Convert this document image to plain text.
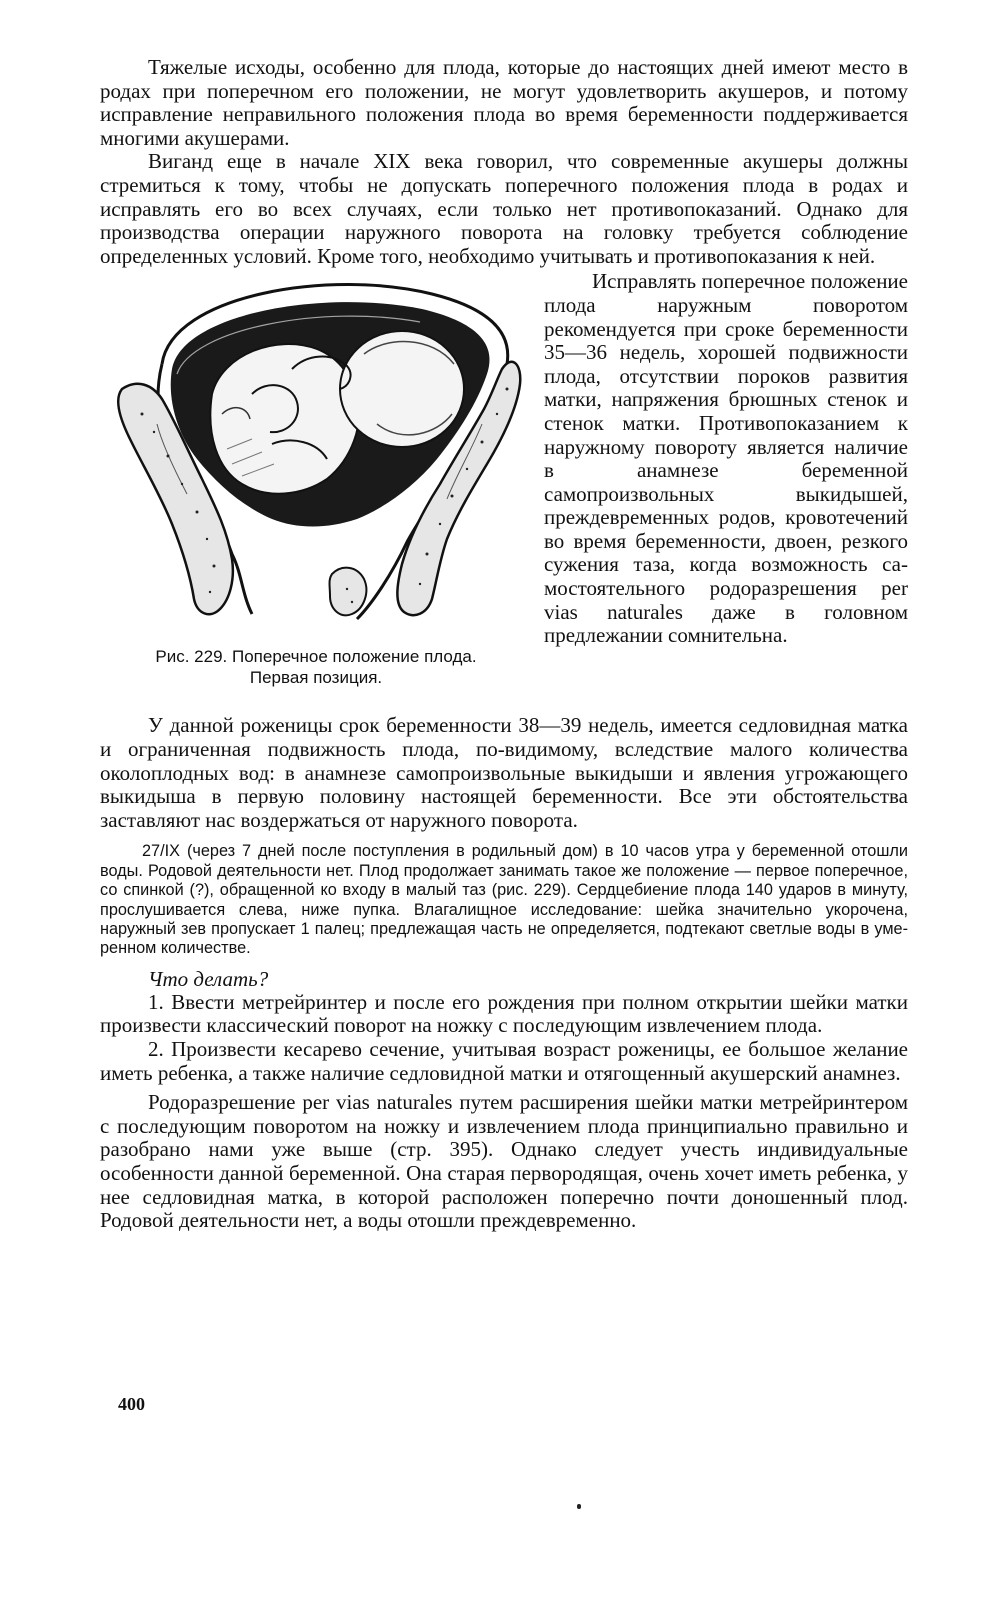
Тяжелые исходы, особенно для плода, которые до настоящих дней имеют место в родах при поперечном его положении, не могут удовлетворить акушеров, и потому исправление неправильного положения плода во время беременности поддерживается многими акушерами.

Виганд еще в начале XIX века говорил, что современные акушеры должны стремиться к тому, чтобы не допускать поперечного положения плода в родах и исправлять его во всех случаях, если только нет противопоказаний. Однако для производства операции наружного поворота на головку требуется соблюдение определенных условий. Кроме того, необходимо учитывать и противопоказания к ней.

Рис. 229. Поперечное положение плода.
Первая позиция.

Исправлять поперечное положение плода наружным поворотом рекомендуется при сроке беременности 35—36 недель, хорошей подвижности плода, отсутствии пороков развития матки, напряжения брюшных стенок и стенок матки. Противопоказанием к наружному повороту является наличие в анамнезе беременной самопроизвольных выкидышей, преждевременных родов, кровотечений во время беременности, двоен, резкого сужения таза, когда возможность самостоятельного родоразрешения per vias naturales даже в головном предлежании сомнительна.

У данной роженицы срок беременности 38—39 недель, имеется седловидная матка и ограниченная подвижность плода, по-видимому, вследствие малого количества околоплодных вод: в анамнезе самопроизвольные выкидыши и явления угрожающего выкидыша в первую половину настоящей беременности. Все эти обстоятельства заставляют нас воздержаться от наружного поворота.

27/IX (через 7 дней после поступления в родильный дом) в 10 часов утра у беременной отошли воды. Родовой деятельности нет. Плод продолжает занимать такое же положение — первое поперечное, со спинкой (?), обращенной ко входу в малый таз (рис. 229). Сердцебиение плода 140 ударов в минуту, прослушивается слева, ниже пупка. Влагалищное исследование: шейка значительно укорочена, наружный зев пропускает 1 палец; предлежащая часть не определяется, подтекают светлые воды в умеренном количестве.

Что делать?

1. Ввести метрейринтер и после его рождения при полном открытии шейки матки произвести классический поворот на ножку с последующим извлечением плода.

2. Произвести кесарево сечение, учитывая возраст роженицы, ее большое желание иметь ребенка, а также наличие седловидной матки и отягощенный акушерский анамнез.

Родоразрешение per vias naturales путем расширения шейки матки метрейринтером с последующим поворотом на ножку и извлечением плода принципиально правильно и разобрано нами уже выше (стр. 395). Однако следует учесть индивидуальные особенности данной беременной. Она старая первородящая, очень хочет иметь ребенка, у нее седловидная матка, в которой расположен поперечно почти доношенный плод. Родовой деятельности нет, а воды отошли преждевременно.

400
